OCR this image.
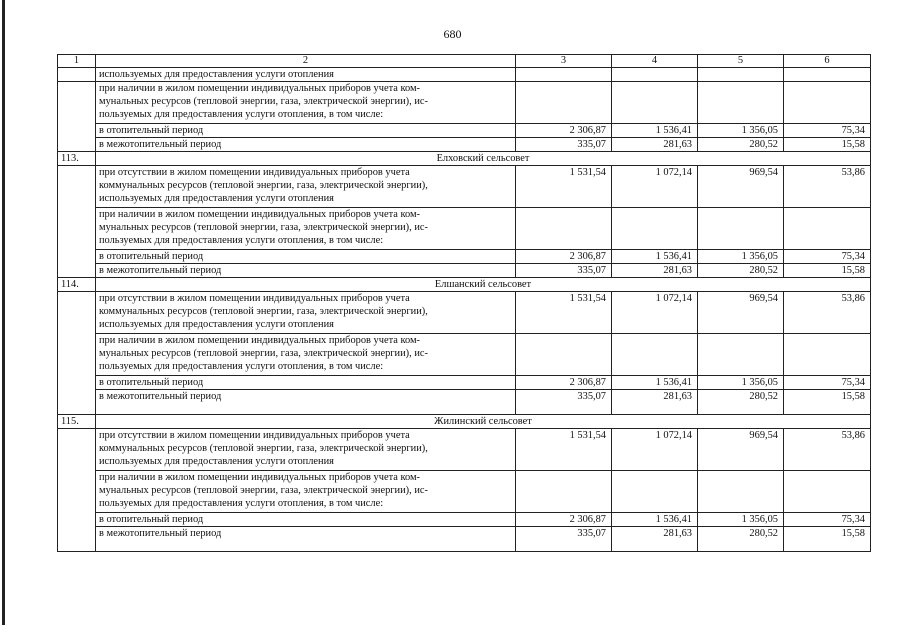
680
1	2	3	4	5	6
	используемых для предоставления услуги отопления				

	при наличии в жилом помещении индивидуальных приборов учета ком-
мунальных ресурсов (тепловой энергии, газа, электрической энергии), ис-
пользуемых для предоставления услуги отопления, в том числе:				

	в отопительный период	2 306,87	1 536,41	1 356,05	75,34
	в межотопительный период	335,07	281,63	280,52	15,58
113.	Елховский сельсовет				

	при отсутствии в жилом помещении индивидуальных приборов учета
коммунальных ресурсов (тепловой энергии, газа, электрической энергии),
используемых для предоставления услуги отопления	1 531,54	1 072,14	969,54	53,86

	при наличии в жилом помещении индивидуальных приборов учета ком-
мунальных ресурсов (тепловой энергии, газа, электрической энергии), ис-
пользуемых для предоставления услуги отопления, в том числе:				

	в отопительный период	2 306,87	1 536,41	1 356,05	75,34
	в межотопительный период	335,07	281,63	280,52	15,58
114.	Елшанский сельсовет				

	при отсутствии в жилом помещении индивидуальных приборов учета
коммунальных ресурсов (тепловой энергии, газа, электрической энергии),
используемых для предоставления услуги отопления	1 531,54	1 072,14	969,54	53,86

	при наличии в жилом помещении индивидуальных приборов учета ком-
мунальных ресурсов (тепловой энергии, газа, электрической энергии), ис-
пользуемых для предоставления услуги отопления, в том числе:				

	в отопительный период	2 306,87	1 536,41	1 356,05	75,34
	в межотопительный период	335,07	281,63	280,52	15,58
115.	Жилинский сельсовет				

	при отсутствии в жилом помещении индивидуальных приборов учета
коммунальных ресурсов (тепловой энергии, газа, электрической энергии),
используемых для предоставления услуги отопления	1 531,54	1 072,14	969,54	53,86

	при наличии в жилом помещении индивидуальных приборов учета ком-
мунальных ресурсов (тепловой энергии, газа, электрической энергии), ис-
пользуемых для предоставления услуги отопления, в том числе:				

	в отопительный период	2 306,87	1 536,41	1 356,05	75,34
	в межотопительный период	335,07	281,63	280,52	15,58
